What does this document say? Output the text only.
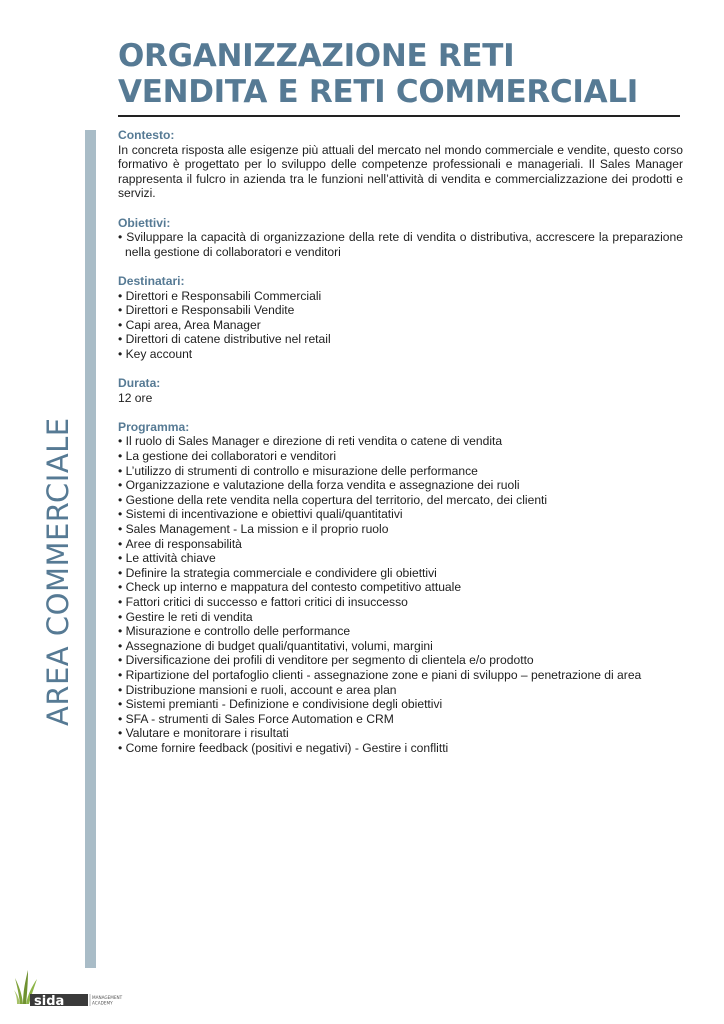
ORGANIZZAZIONE RETI
VENDITA E RETI COMMERCIALI
AREA COMMERCIALE

Contesto:

In concreta risposta alle esigenze più attuali del mercato nel mondo commerciale e vendite, questo corso formativo è progettato per lo sviluppo delle competenze professionali e manageriali. Il Sales Manager rappresenta il fulcro in azienda tra le funzioni nell’attività di vendita e commercializzazione dei prodotti e servizi.

Obiettivi:

• Sviluppare la capacità di organizzazione della rete di vendita o distributiva, accrescere la preparazione nella gestione di collaboratori e venditori

Destinatari:

• Direttori e Responsabili Commerciali
• Direttori e Responsabili Vendite
• Capi area, Area Manager
• Direttori di catene distributive nel retail
• Key account

Durata:

12 ore

Programma:

• Il ruolo di Sales Manager e direzione di reti vendita o catene di vendita
• La gestione dei collaboratori e venditori
• L’utilizzo di strumenti di controllo e misurazione delle performance
• Organizzazione e valutazione della forza vendita e assegnazione dei ruoli
• Gestione della rete vendita nella copertura del territorio, del mercato, dei clienti
• Sistemi di incentivazione e obiettivi quali/quantitativi
• Sales Management - La mission e il proprio ruolo
• Aree di responsabilità
• Le attività chiave
• Definire la strategia commerciale e condividere gli obiettivi
• Check up interno e mappatura del contesto competitivo attuale
• Fattori critici di successo e fattori critici di insuccesso
• Gestire le reti di vendita
• Misurazione e controllo delle performance
• Assegnazione di budget quali/quantitativi, volumi, margini
• Diversificazione dei profili di venditore per segmento di clientela e/o prodotto
• Ripartizione del portafoglio clienti - assegnazione zone e piani di sviluppo – penetrazione di area
• Distribuzione mansioni e ruoli, account e area plan
• Sistemi premianti - Definizione e condivisione degli obiettivi
• SFA - strumenti di Sales Force Automation e CRM
• Valutare e monitorare i risultati
• Come fornire feedback (positivi e negativi) - Gestire i conflitti
sida	MANAGEMENT
ACADEMY
